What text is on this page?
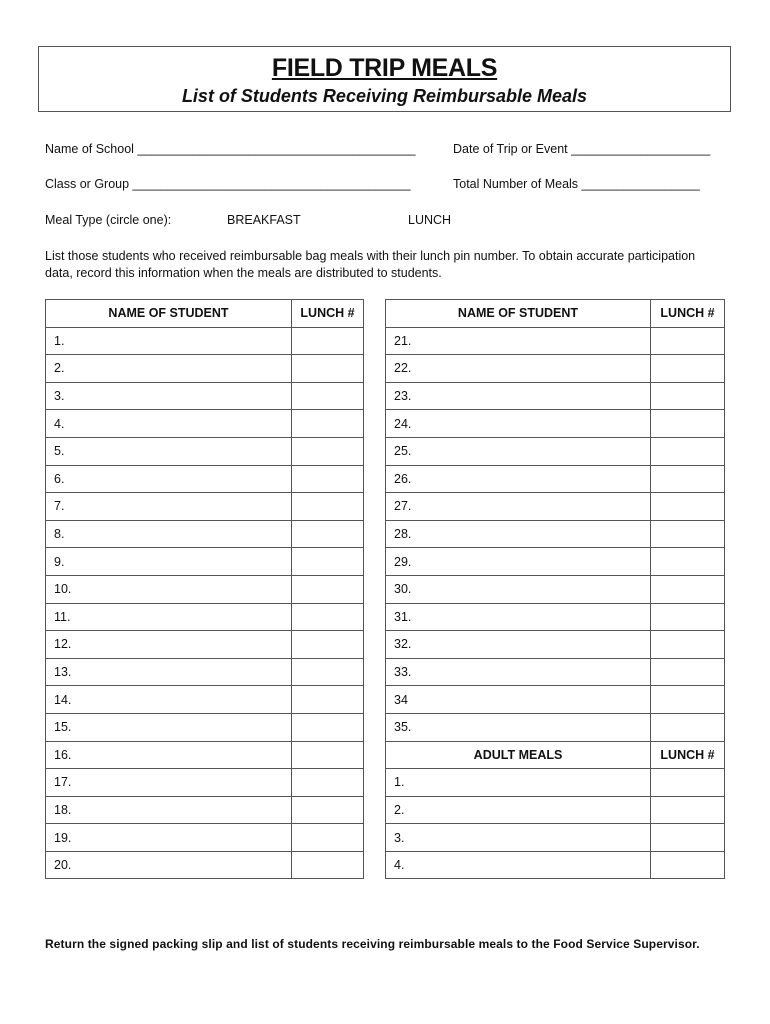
FIELD TRIP MEALS
List of Students Receiving Reimbursable Meals
Name of School ________________________________________	Date of Trip or Event ____________________
Class or Group ________________________________________	Total Number of Meals _________________
Meal Type (circle one):	BREAKFAST	LUNCH
List those students who received reimbursable bag meals with their lunch pin number. To obtain accurate participation data, record this information when the meals are distributed to students.
NAME OF STUDENT	LUNCH #
1.	
2.	
3.	
4.	
5.	
6.	
7.	
8.	
9.	
10.	
11.	
12.	
13.	
14.	
15.	
16.	
17.	
18.	
19.	
20.	
NAME OF STUDENT	LUNCH #
21.	
22.	
23.	
24.	
25.	
26.	
27.	
28.	
29.	
30.	
31.	
32.	
33.	
34	
35.	
ADULT MEALS	LUNCH #
1.	
2.	
3.	
4.	
Return the signed packing slip and list of students receiving reimbursable meals to the Food Service Supervisor.
